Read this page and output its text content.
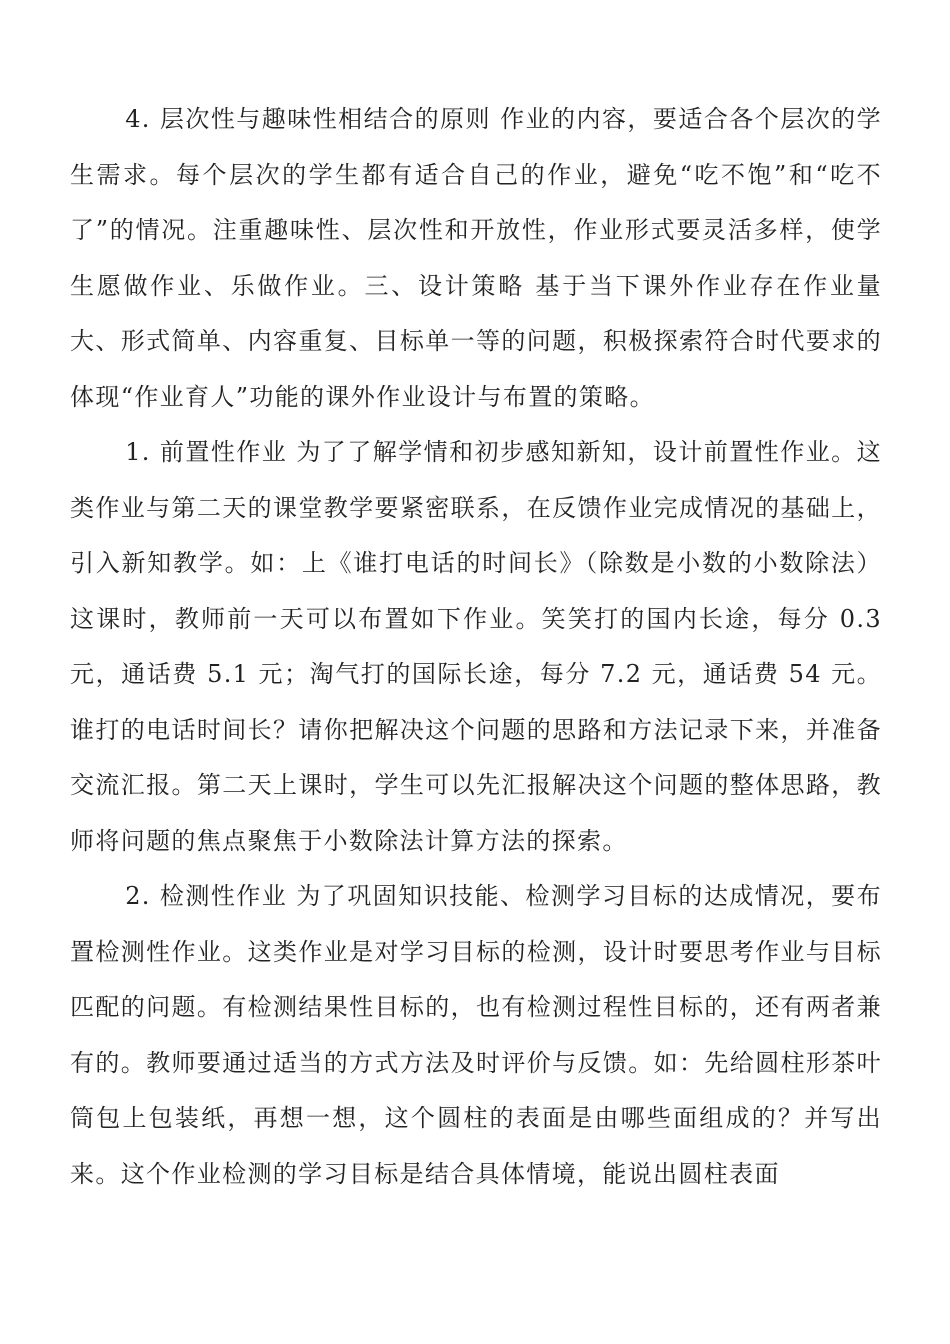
4. 层次性与趣味性相结合的原则 作业的内容，要适合各个层次的学生需求。每个层次的学生都有适合自己的作业，避免“吃不饱”和“吃不了”的情况。注重趣味性、层次性和开放性，作业形式要灵活多样，使学生愿做作业、乐做作业。三、设计策略 基于当下课外作业存在作业量大、形式简单、内容重复、目标单一等的问题，积极探索符合时代要求的体现“作业育人”功能的课外作业设计与布置的策略。

1. 前置性作业 为了了解学情和初步感知新知，设计前置性作业。这类作业与第二天的课堂教学要紧密联系，在反馈作业完成情况的基础上，引入新知教学。如：上《谁打电话的时间长》（除数是小数的小数除法）这课时，教师前一天可以布置如下作业。笑笑打的国内长途，每分 0.3 元，通话费 5.1 元；淘气打的国际长途，每分 7.2 元，通话费 54 元。谁打的电话时间长？请你把解决这个问题的思路和方法记录下来，并准备交流汇报。第二天上课时，学生可以先汇报解决这个问题的整体思路，教师将问题的焦点聚焦于小数除法计算方法的探索。

2. 检测性作业 为了巩固知识技能、检测学习目标的达成情况，要布置检测性作业。这类作业是对学习目标的检测，设计时要思考作业与目标匹配的问题。有检测结果性目标的，也有检测过程性目标的，还有两者兼有的。教师要通过适当的方式方法及时评价与反馈。如：先给圆柱形茶叶筒包上包装纸，再想一想，这个圆柱的表面是由哪些面组成的？并写出来。这个作业检测的学习目标是结合具体情境，能说出圆柱表面
